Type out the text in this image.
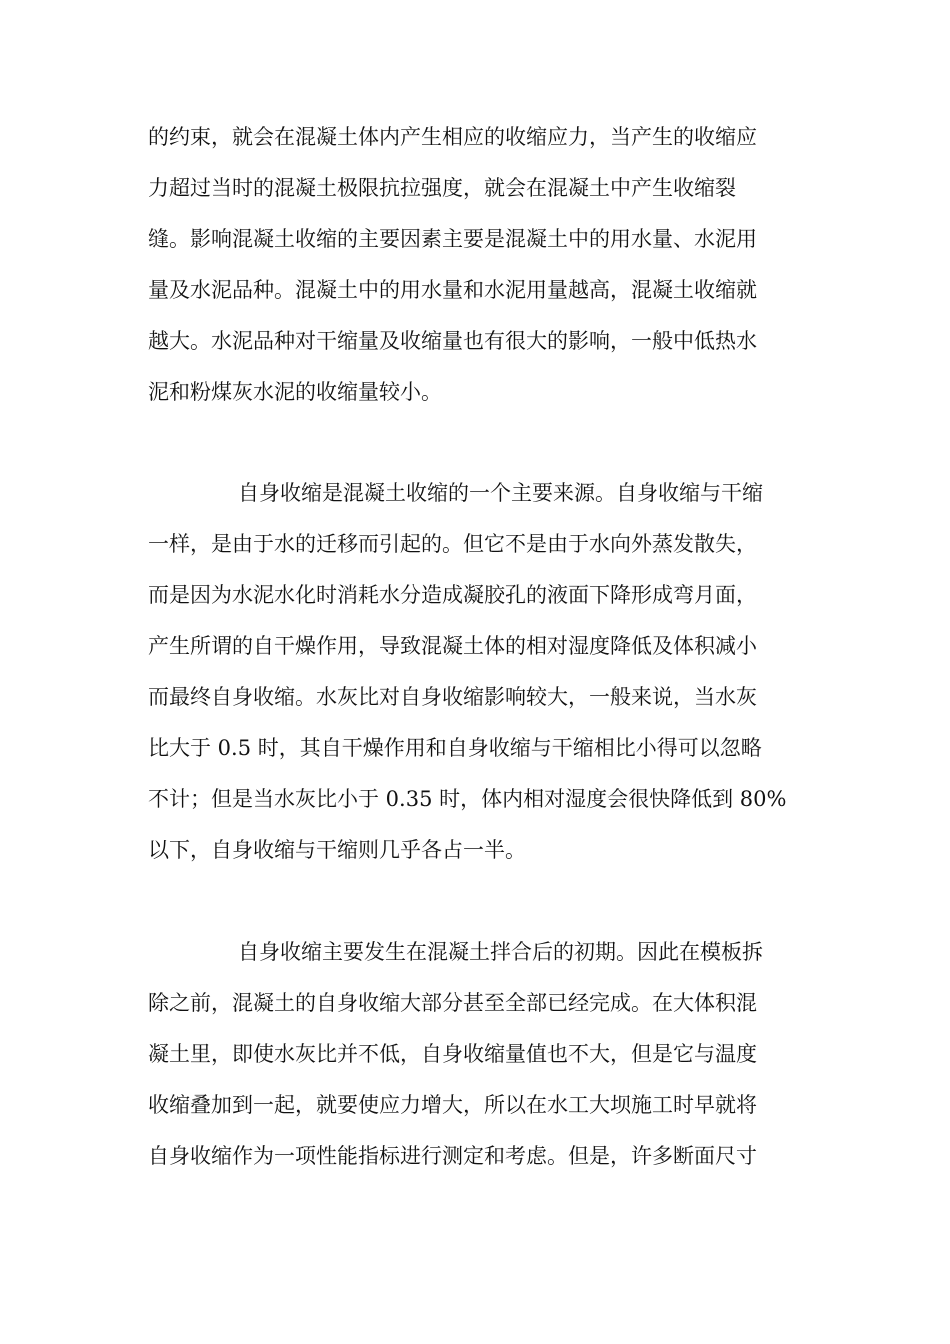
的约束，就会在混凝土体内产生相应的收缩应力，当产生的收缩应
力超过当时的混凝土极限抗拉强度，就会在混凝土中产生收缩裂
缝。影响混凝土收缩的主要因素主要是混凝土中的用水量、水泥用
量及水泥品种。混凝土中的用水量和水泥用量越高，混凝土收缩就
越大。水泥品种对干缩量及收缩量也有很大的影响，一般中低热水
泥和粉煤灰水泥的收缩量较小。
自身收缩是混凝土收缩的一个主要来源。自身收缩与干缩
一样，是由于水的迁移而引起的。但它不是由于水向外蒸发散失，
而是因为水泥水化时消耗水分造成凝胶孔的液面下降形成弯月面，
产生所谓的自干燥作用，导致混凝土体的相对湿度降低及体积减小
而最终自身收缩。水灰比对自身收缩影响较大，一般来说，当水灰
比大于 0.5 时，其自干燥作用和自身收缩与干缩相比小得可以忽略
不计；但是当水灰比小于 0.35 时，体内相对湿度会很快降低到 80%
以下，自身收缩与干缩则几乎各占一半。
自身收缩主要发生在混凝土拌合后的初期。因此在模板拆
除之前，混凝土的自身收缩大部分甚至全部已经完成。在大体积混
凝土里，即使水灰比并不低，自身收缩量值也不大，但是它与温度
收缩叠加到一起，就要使应力增大，所以在水工大坝施工时早就将
自身收缩作为一项性能指标进行测定和考虑。但是，许多断面尺寸
